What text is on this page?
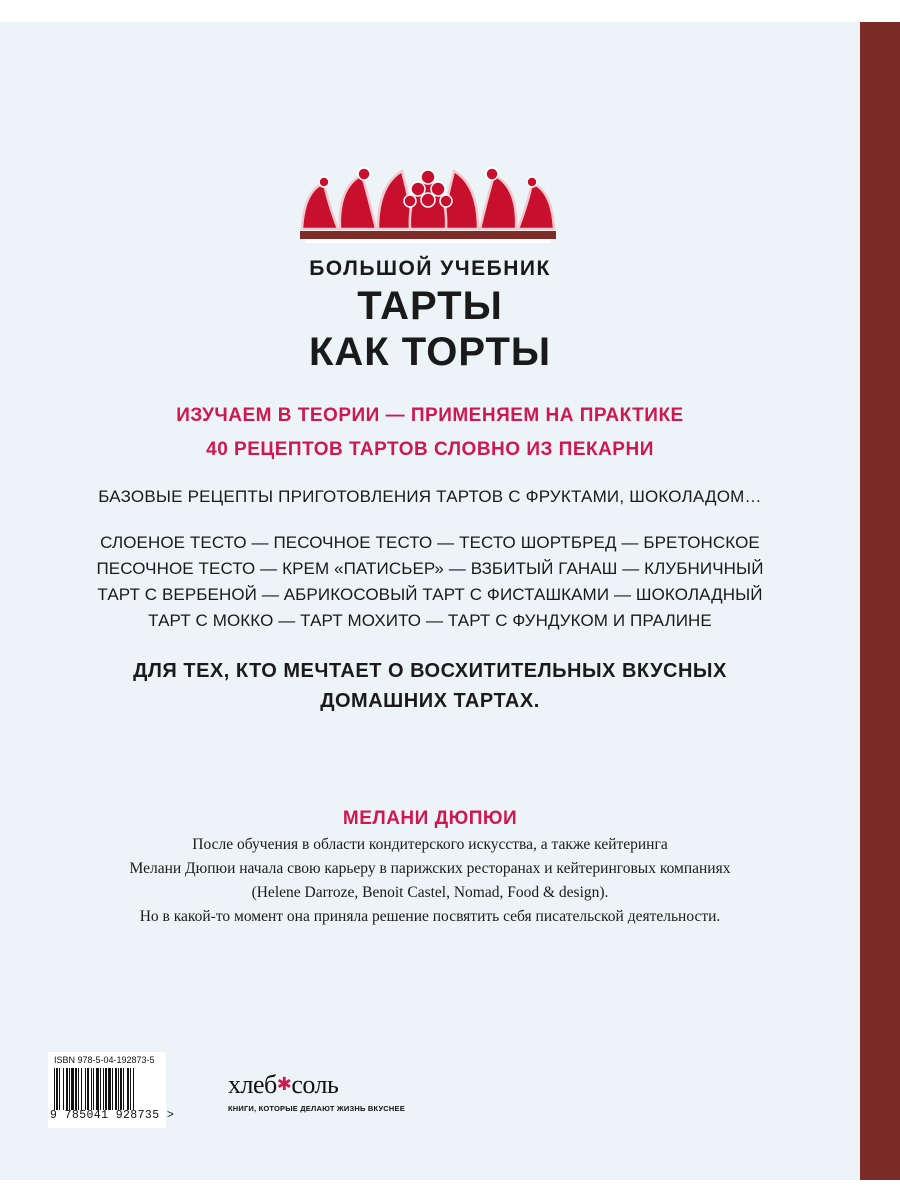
БОЛЬШОЙ УЧЕБНИК
ТАРТЫ
КАК ТОРТЫ
ИЗУЧАЕМ В ТЕОРИИ — ПРИМЕНЯЕМ НА ПРАКТИКЕ
40 РЕЦЕПТОВ ТАРТОВ СЛОВНО ИЗ ПЕКАРНИ
БАЗОВЫЕ РЕЦЕПТЫ ПРИГОТОВЛЕНИЯ ТАРТОВ С ФРУКТАМИ, ШОКОЛАДОМ…
СЛОЕНОЕ ТЕСТО — ПЕСОЧНОЕ ТЕСТО — ТЕСТО ШОРТБРЕД — БРЕТОНСКОЕ
ПЕСОЧНОЕ ТЕСТО — КРЕМ «ПАТИСЬЕР» — ВЗБИТЫЙ ГАНАШ — КЛУБНИЧНЫЙ
ТАРТ С ВЕРБЕНОЙ — АБРИКОСОВЫЙ ТАРТ С ФИСТАШКАМИ — ШОКОЛАДНЫЙ
ТАРТ С МОККО — ТАРТ МОХИТО — ТАРТ С ФУНДУКОМ И ПРАЛИНЕ
ДЛЯ ТЕХ, КТО МЕЧТАЕТ О ВОСХИТИТЕЛЬНЫХ ВКУСНЫХ
ДОМАШНИХ ТАРТАХ.
МЕЛАНИ ДЮПЮИ
После обучения в области кондитерского искусства, а также кейтеринга
Мелани Дюпюи начала свою карьеру в парижских ресторанах и кейтеринговых компаниях
(Helene Darroze, Benoit Castel, Nomad, Food & design).
Но в какой-то момент она приняла решение посвятить себя писательской деятельности.
ISBN 978-5-04-192873-5
9 785041 928735 >
хлеб✱соль
КНИГИ, КОТОРЫЕ ДЕЛАЮТ ЖИЗНЬ ВКУСНЕЕ
